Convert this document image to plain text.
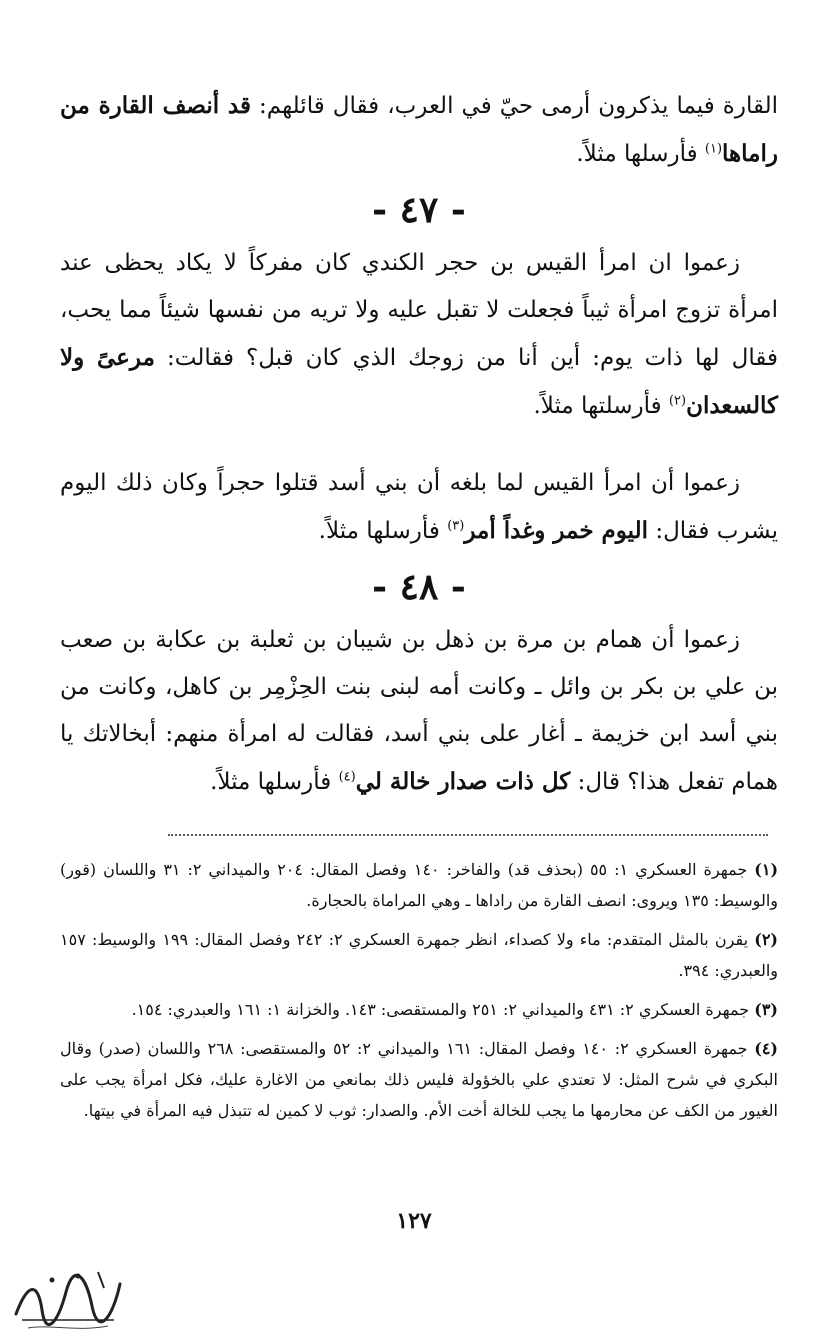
القارة فيما يذكرون أرمى حيّ في العرب، فقال قائلهم: قد أنصف القارة من راماها$^{(١)}$ فأرسلها مثلاً.

- ٤٧ -

زعموا ان امرأ القيس بن حجر الكندي كان مفركاً لا يكاد يحظى عند امرأة تزوج امرأة ثيباً فجعلت لا تقبل عليه ولا تريه من نفسها شيئاً مما يحب، فقال لها ذات يوم: أين أنا من زوجك الذي كان قبل؟ فقالت: مرعىً ولا كالسعدان$^{(٢)}$ فأرسلتها مثلاً.

زعموا أن امرأ القيس لما بلغه أن بني أسد قتلوا حجراً وكان ذلك اليوم يشرب فقال: اليوم خمر وغداً أمر$^{(٣)}$ فأرسلها مثلاً.

- ٤٨ -

زعموا أن همام بن مرة بن ذهل بن شيبان بن ثعلبة بن عكابة بن صعب بن علي بن بكر بن وائل ـ وكانت أمه لبنى بنت الحِزْمِر بن كاهل، وكانت من بني أسد ابن خزيمة ـ أغار على بني أسد، فقالت له امرأة منهم: أبخالاتك يا همام تفعل هذا؟ قال: كل ذات صدار خالة لي$^{(٤)}$ فأرسلها مثلاً.

(١) جمهرة العسكري ١: ٥٥ (بحذف قد) والفاخر: ١٤٠ وفصل المقال: ٢٠٤ والميداني ٢: ٣١ واللسان (قور) والوسيط: ١٣٥ ويروى: انصف القارة من راداها ـ وهي المراماة بالحجارة.

(٢) يقرن بالمثل المتقدم: ماء ولا كصداء، انظر جمهرة العسكري ٢: ٢٤٢ وفصل المقال: ١٩٩ والوسيط: ١٥٧ والعبدري: ٣٩٤.

(٣) جمهرة العسكري ٢: ٤٣١ والميداني ٢: ٢٥١ والمستقصى: ١٤٣. والخزانة ١: ١٦١ والعبدري: ١٥٤.

(٤) جمهرة العسكري ٢: ١٤٠ وفصل المقال: ١٦١ والميداني ٢: ٥٢ والمستقصى: ٢٦٨ واللسان (صدر) وقال البكري في شرح المثل: لا تعتدي علي بالخؤولة فليس ذلك بمانعي من الاغارة عليك، فكل امرأة يجب على الغيور من الكف عن محارمها ما يجب للخالة أخت الأم. والصدار: ثوب لا كمين له تتبذل فيه المرأة في بيتها.

١٢٧
